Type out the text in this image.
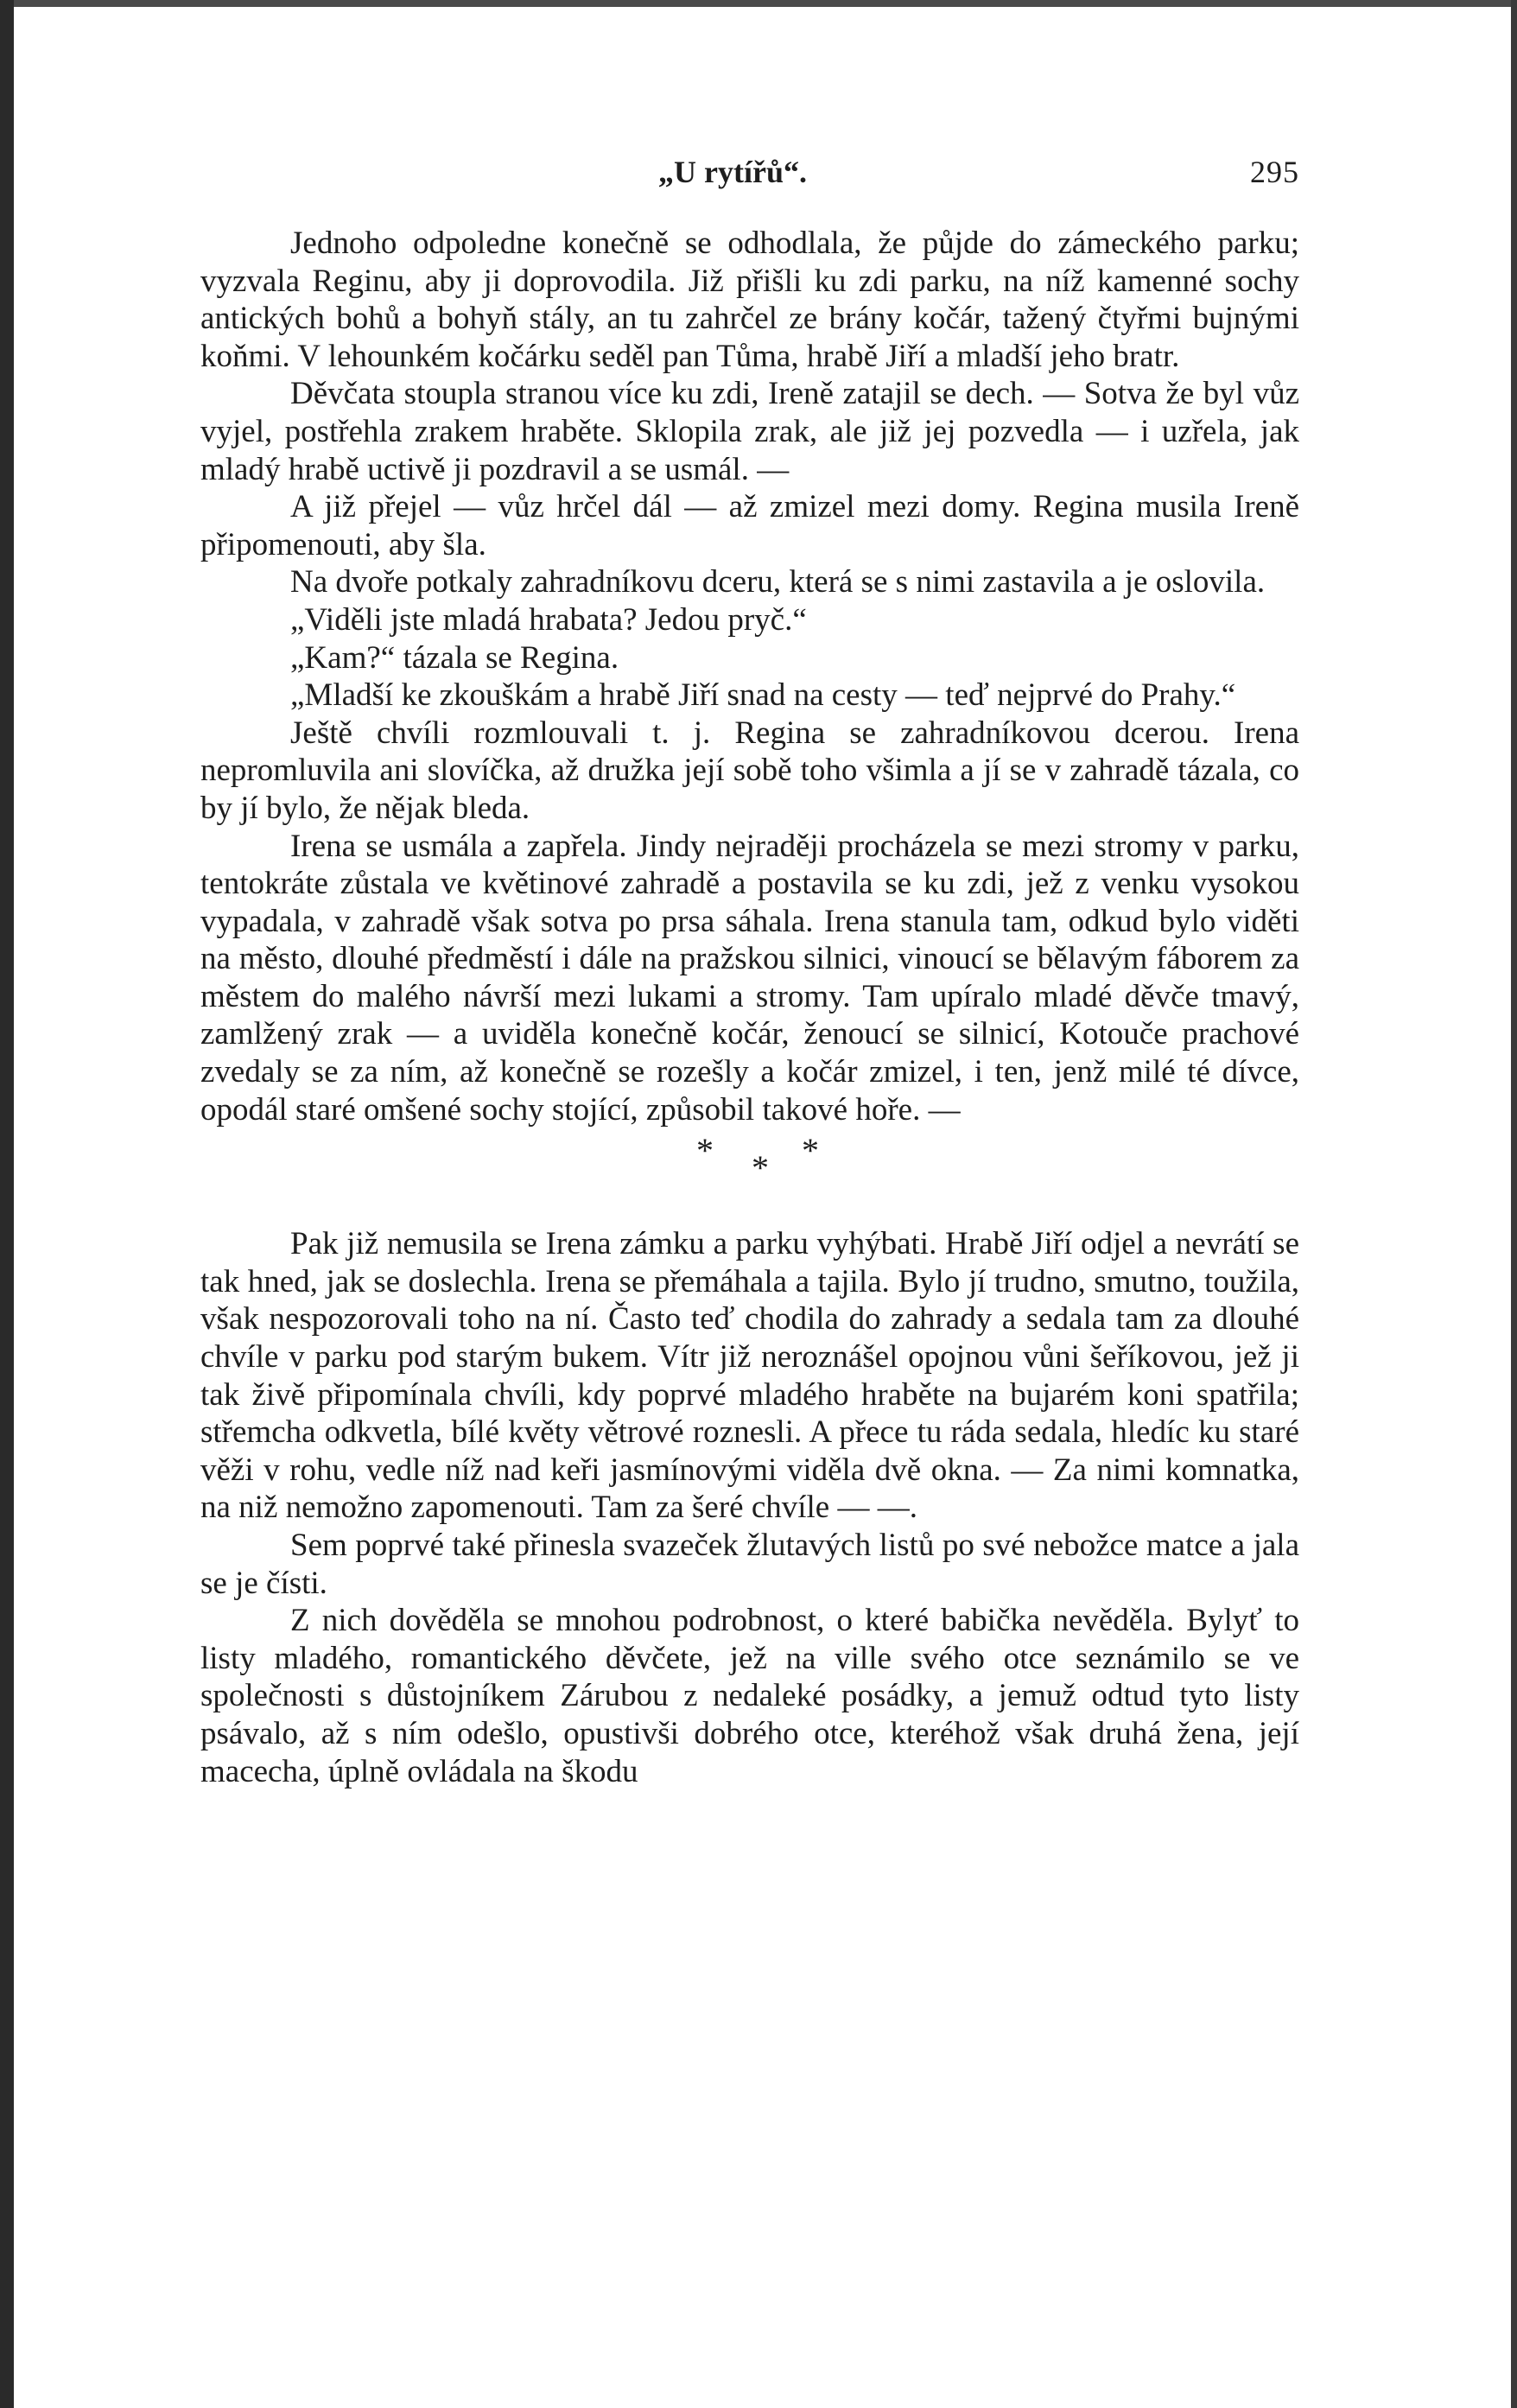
„U rytířů“.	295

Jednoho odpoledne konečně se odhodlala, že půjde do zámeckého parku; vyzvala Reginu, aby ji doprovodila. Již přišli ku zdi parku, na níž kamenné sochy antických bohů a bohyň stály, an tu zahrčel ze brány kočár, tažený čtyřmi bujnými koňmi. V lehounkém kočárku seděl pan Tůma, hrabě Jiří a mladší jeho bratr.

Děvčata stoupla stranou více ku zdi, Ireně zatajil se dech. — Sotva že byl vůz vyjel, postřehla zrakem hraběte. Sklopila zrak, ale již jej pozvedla — i uzřela, jak mladý hrabě uctivě ji pozdravil a se usmál. —

A již přejel — vůz hrčel dál — až zmizel mezi domy. Regina musila Ireně připomenouti, aby šla.

Na dvoře potkaly zahradníkovu dceru, která se s nimi zastavila a je oslovila.

„Viděli jste mladá hrabata? Jedou pryč.“

„Kam?“ tázala se Regina.

„Mladší ke zkouškám a hrabě Jiří snad na cesty — teď nejprvé do Prahy.“

Ještě chvíli rozmlouvali t. j. Regina se zahradníkovou dcerou. Irena nepromluvila ani slovíčka, až družka její sobě toho všimla a jí se v zahradě tázala, co by jí bylo, že nějak bleda.

Irena se usmála a zapřela. Jindy nejraději procházela se mezi stromy v parku, tentokráte zůstala ve květinové zahradě a postavila se ku zdi, jež z venku vysokou vypadala, v zahradě však sotva po prsa sáhala. Irena stanula tam, odkud bylo viděti na město, dlouhé předměstí i dále na pražskou silnici, vinoucí se bělavým fáborem za městem do malého návrší mezi lukami a stromy. Tam upíralo mladé děvče tmavý, zamlžený zrak — a uviděla konečně kočár, ženoucí se silnicí, Kotouče prachové zvedaly se za ním, až konečně se rozešly a kočár zmizel, i ten, jenž milé té dívce, opodál staré omšené sochy stojící, způsobil takové hoře. —

* * *

Pak již nemusila se Irena zámku a parku vyhýbati. Hrabě Jiří odjel a nevrátí se tak hned, jak se doslechla. Irena se přemáhala a tajila. Bylo jí trudno, smutno, toužila, však nespozorovali toho na ní. Často teď chodila do zahrady a sedala tam za dlouhé chvíle v parku pod starým bukem. Vítr již neroznášel opojnou vůni šeříkovou, jež ji tak živě připomínala chvíli, kdy poprvé mladého hraběte na bujarém koni spatřila; střemcha odkvetla, bílé květy větrové roznesli. A přece tu ráda sedala, hledíc ku staré věži v rohu, vedle níž nad keři jasmínovými viděla dvě okna. — Za nimi komnatka, na niž nemožno zapomenouti. Tam za šeré chvíle — —.

Sem poprvé také přinesla svazeček žlutavých listů po své nebožce matce a jala se je čísti.

Z nich dověděla se mnohou podrobnost, o které babička nevěděla. Bylyť to listy mladého, romantického děvčete, jež na ville svého otce seznámilo se ve společnosti s důstojníkem Zárubou z nedaleké posádky, a jemuž odtud tyto listy psávalo, až s ním odešlo, opustivši dobrého otce, kteréhož však druhá žena, její macecha, úplně ovládala na škodu
